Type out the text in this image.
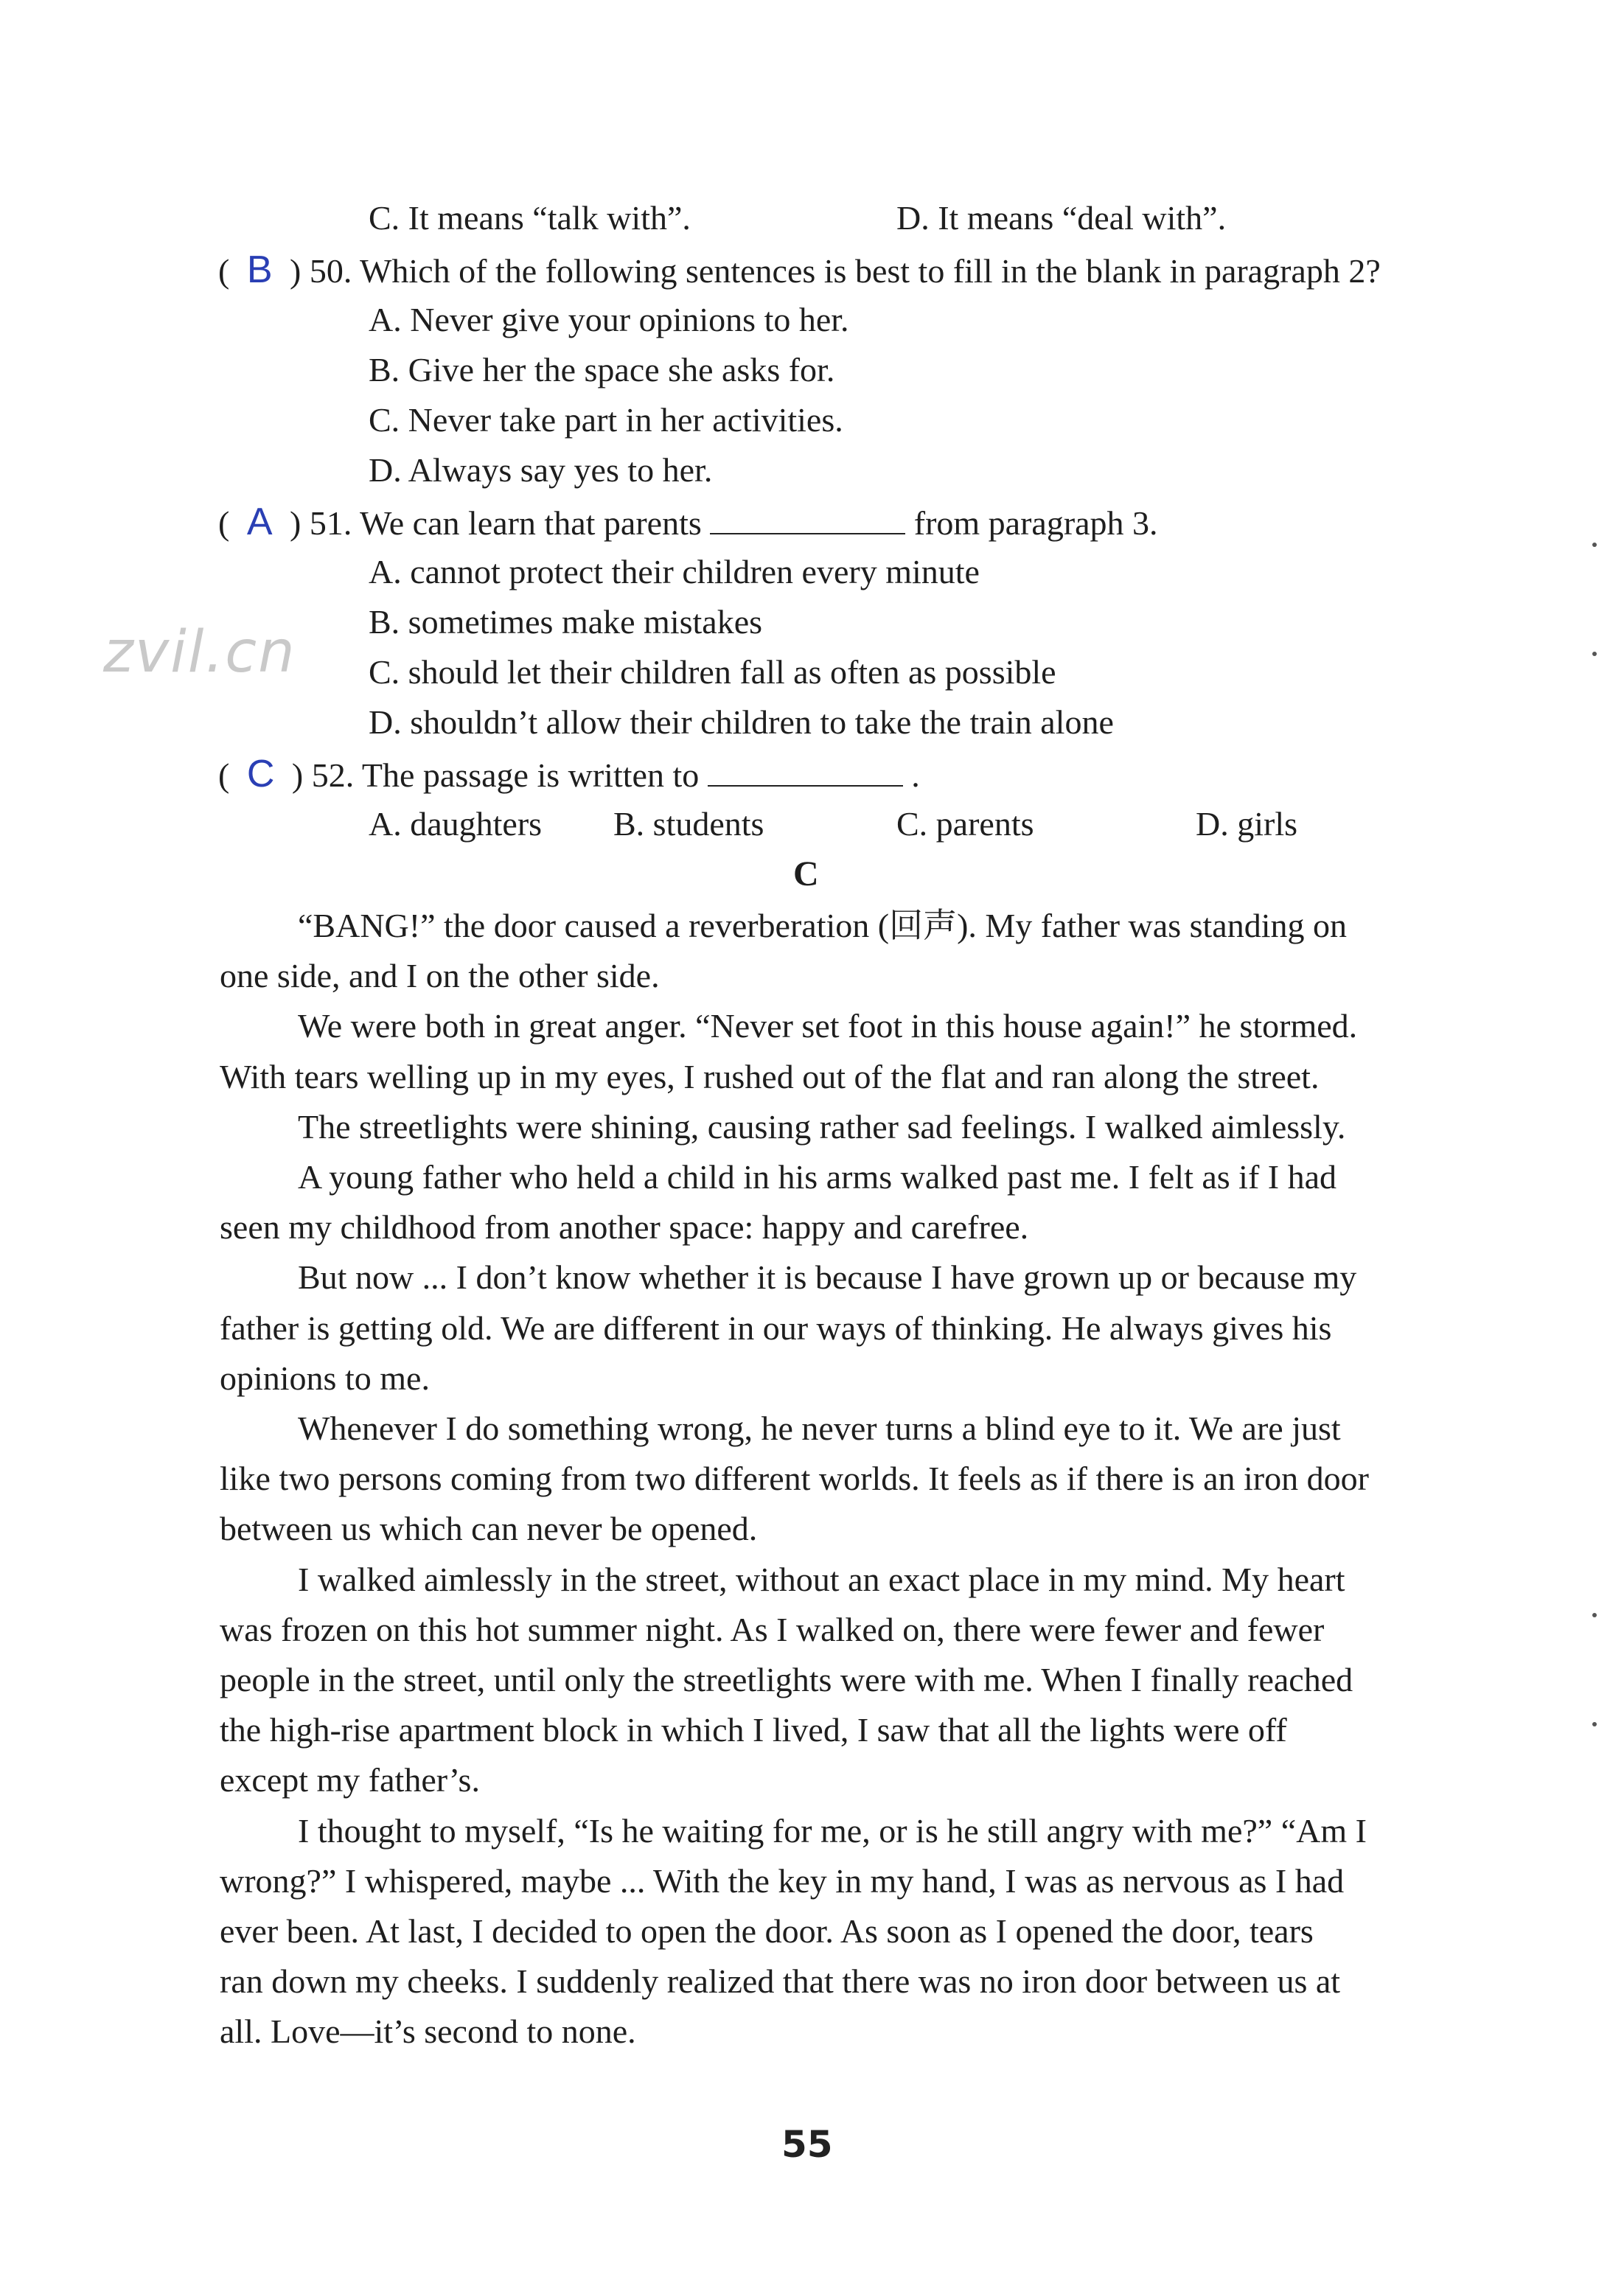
C. It means “talk with”.	D. It means “deal with”.
( B ) 50. Which of the following sentences is best to fill in the blank in paragraph 2?
A. Never give your opinions to her.
B. Give her the space she asks for.
C. Never take part in her activities.
D. Always say yes to her.
( A ) 51. We can learn that parents	from paragraph 3.
A. cannot protect their children every minute
B. sometimes make mistakes
C. should let their children fall as often as possible
D. shouldn’t allow their children to take the train alone
( C ) 52. The passage is written to	.
A. daughters B. students	C. parents	D. girls
C
“BANG!” the door caused a reverberation (回声). My father was standing on
one side, and I on the other side.
We were both in great anger. “Never set foot in this house again!” he stormed.
With tears welling up in my eyes, I rushed out of the flat and ran along the street.
The streetlights were shining, causing rather sad feelings. I walked aimlessly.
A young father who held a child in his arms walked past me. I felt as if I had
seen my childhood from another space: happy and carefree.
But now ... I don’t know whether it is because I have grown up or because my
father is getting old. We are different in our ways of thinking. He always gives his
opinions to me.
Whenever I do something wrong, he never turns a blind eye to it. We are just
like two persons coming from two different worlds. It feels as if there is an iron door
between us which can never be opened.
I walked aimlessly in the street, without an exact place in my mind. My heart
was frozen on this hot summer night. As I walked on, there were fewer and fewer
people in the street, until only the streetlights were with me. When I finally reached
the high-rise apartment block in which I lived, I saw that all the lights were off
except my father’s.
I thought to myself, “Is he waiting for me, or is he still angry with me?” “Am I
wrong?” I whispered, maybe ... With the key in my hand, I was as nervous as I had
ever been. At last, I decided to open the door. As soon as I opened the door, tears
ran down my cheeks. I suddenly realized that there was no iron door between us at
all. Love—it’s second to none.
zvil.cn
55
